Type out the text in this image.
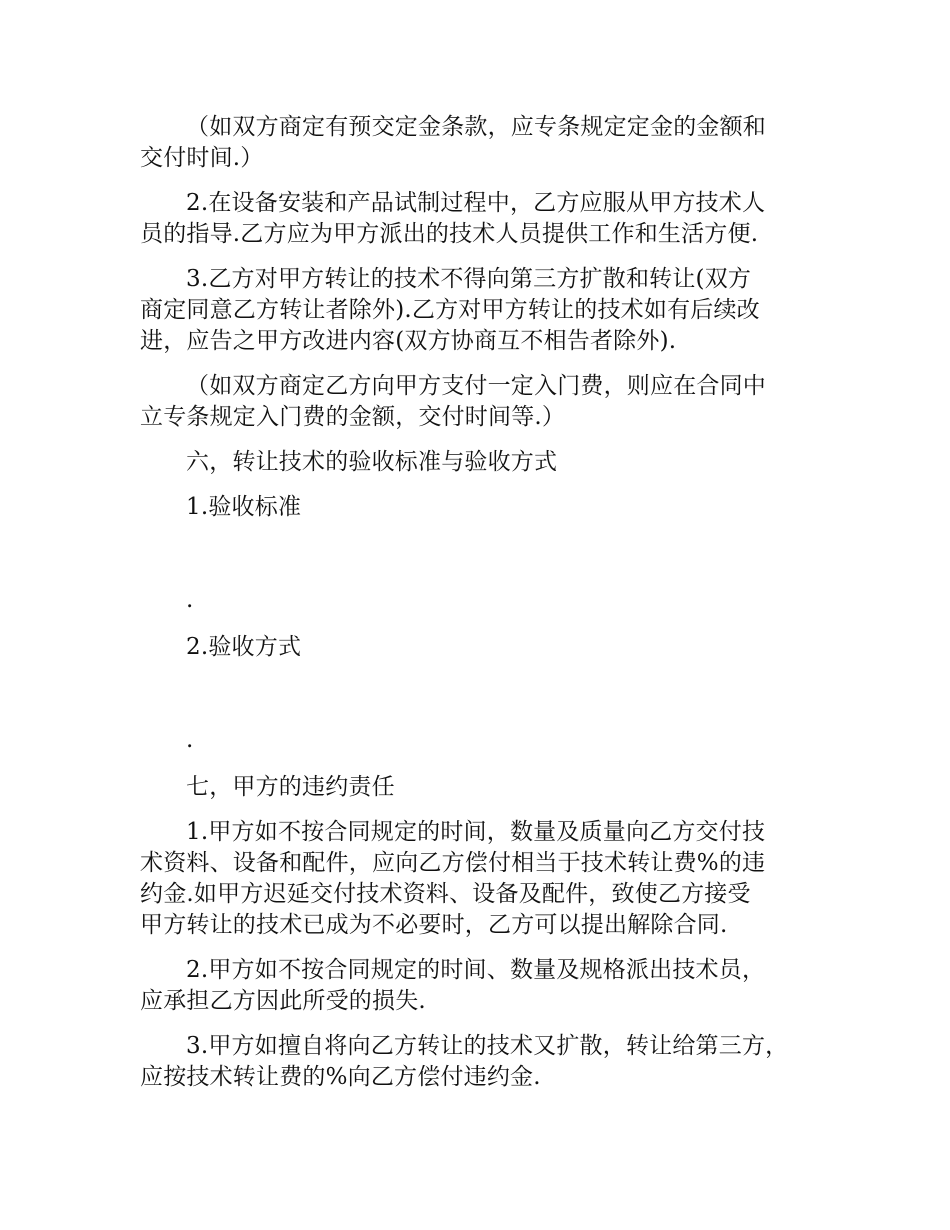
（如双方商定有预交定金条款，应专条规定定金的金额和
交付时间.）

2.在设备安装和产品试制过程中，乙方应服从甲方技术人
员的指导.乙方应为甲方派出的技术人员提供工作和生活方便.

3.乙方对甲方转让的技术不得向第三方扩散和转让(双方
商定同意乙方转让者除外).乙方对甲方转让的技术如有后续改
进，应告之甲方改进内容(双方协商互不相告者除外).

（如双方商定乙方向甲方支付一定入门费，则应在合同中
立专条规定入门费的金额，交付时间等.）

六，转让技术的验收标准与验收方式

1.验收标准

.

2.验收方式

.

七，甲方的违约责任

1.甲方如不按合同规定的时间，数量及质量向乙方交付技
术资料、设备和配件，应向乙方偿付相当于技术转让费%的违
约金.如甲方迟延交付技术资料、设备及配件，致使乙方接受
甲方转让的技术已成为不必要时，乙方可以提出解除合同.

2.甲方如不按合同规定的时间、数量及规格派出技术员，
应承担乙方因此所受的损失.

3.甲方如擅自将向乙方转让的技术又扩散，转让给第三方，
应按技术转让费的%向乙方偿付违约金.
